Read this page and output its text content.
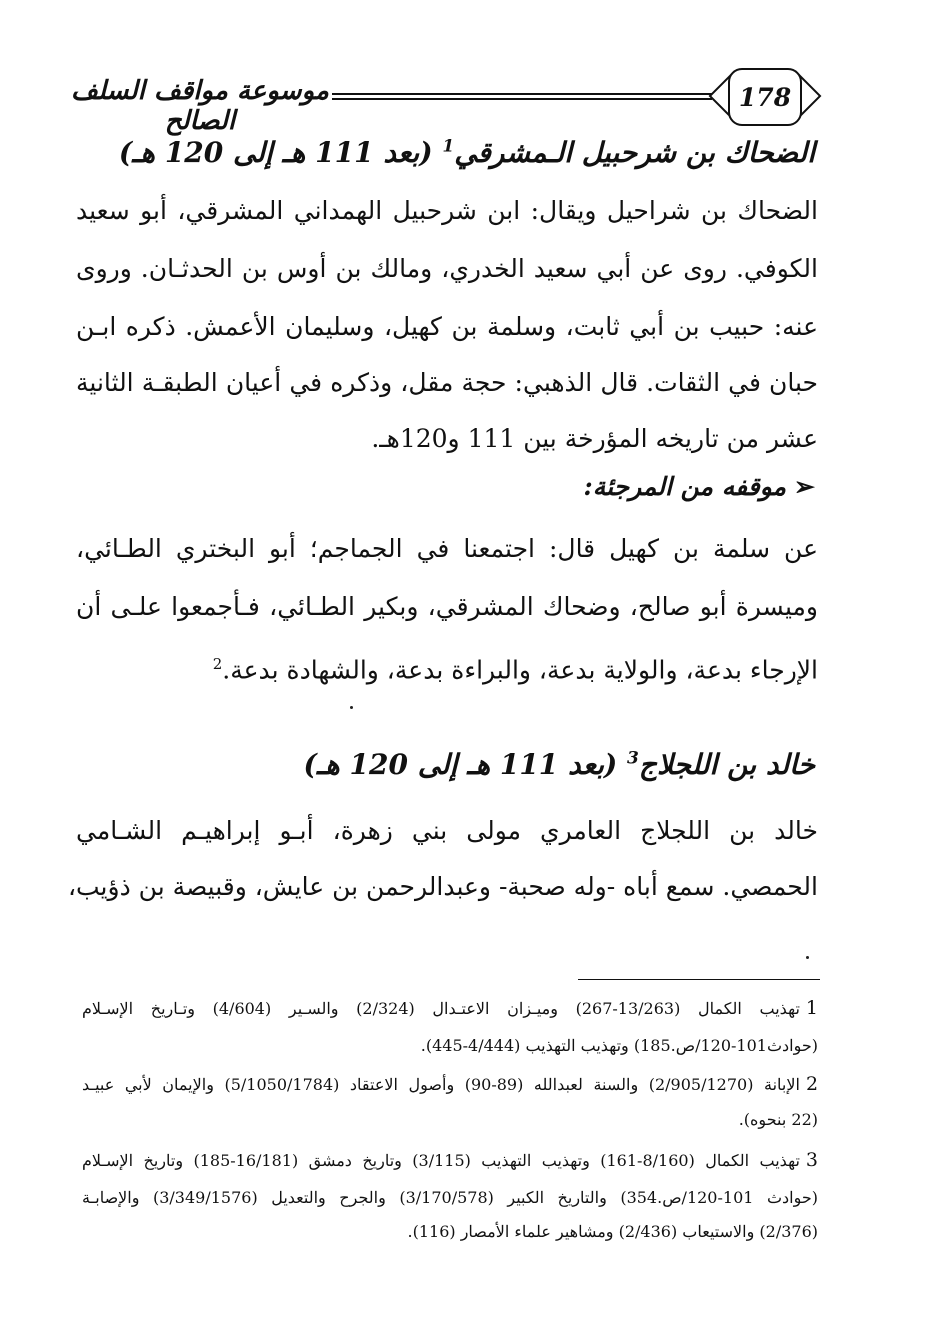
موسوعة مواقف السلف الصالح
178
الضحاك بن شرحبيل الـمشرقي$^1$ (بعد 111 هـ إلى 120 هـ)
الضحاك بن شراحيل ويقال: ابن شرحبيل الهمداني المشرقي، أبو سعيد
الكوفي. روى عن أبي سعيد الخدري، ومالك بن أوس بن الحدثـان. وروى
عنه: حبيب بن أبي ثابت، وسلمة بن كهيل، وسليمان الأعمش. ذكره ابـن
حبان في الثقات. قال الذهبي: حجة مقل، وذكره في أعيان الطبقـة الثانية
عشر من تاريخه المؤرخة بين 111 و120هـ.
➢موقفه من المرجئة:
عن سلمة بن كهيل قال: اجتمعنا في الجماجم؛ أبو البختري الطـائي،
وميسرة أبو صالح، وضحاك المشرقي، وبكير الطـائي، فـأجمعوا علـى أن
الإرجاء بدعة، والولاية بدعة، والبراءة بدعة، والشهادة بدعة.$^2$
خالد بن اللجلاج$^3$ (بعد 111 هـ إلى 120 هـ)
خالد بن اللجلاج العامري مولى بني زهرة، أبـو إبراهيـم الشـامي
الحمصي. سمع أباه -وله صحبة- وعبدالرحمن بن عايش، وقبيصة بن ذؤيب،
1تهذيب الكمال (13/263-267) وميـزان الاعتـدال (2/324) والسـير (4/604) وتـاريخ الإسـلام
(حوادث101-120/ص.185) وتهذيب التهذيب (4/444-445).
2الإبانة (2/905/1270) والسنة لعبدالله (89-90) وأصول الاعتقاد (5/1050/1784) والإيمان لأبي عبيـد
(22 بنحوه).
3تهذيب الكمال (8/160-161) وتهذيب التهذيب (3/115) وتاريخ دمشق (16/181-185) وتاريخ الإسـلام
(حوادث 101-120/ص.354) والتاريخ الكبير (3/170/578) والجرح والتعديل (3/349/1576) والإصابـة
(2/376) والاستيعاب (2/436) ومشاهير علماء الأمصار (116).
